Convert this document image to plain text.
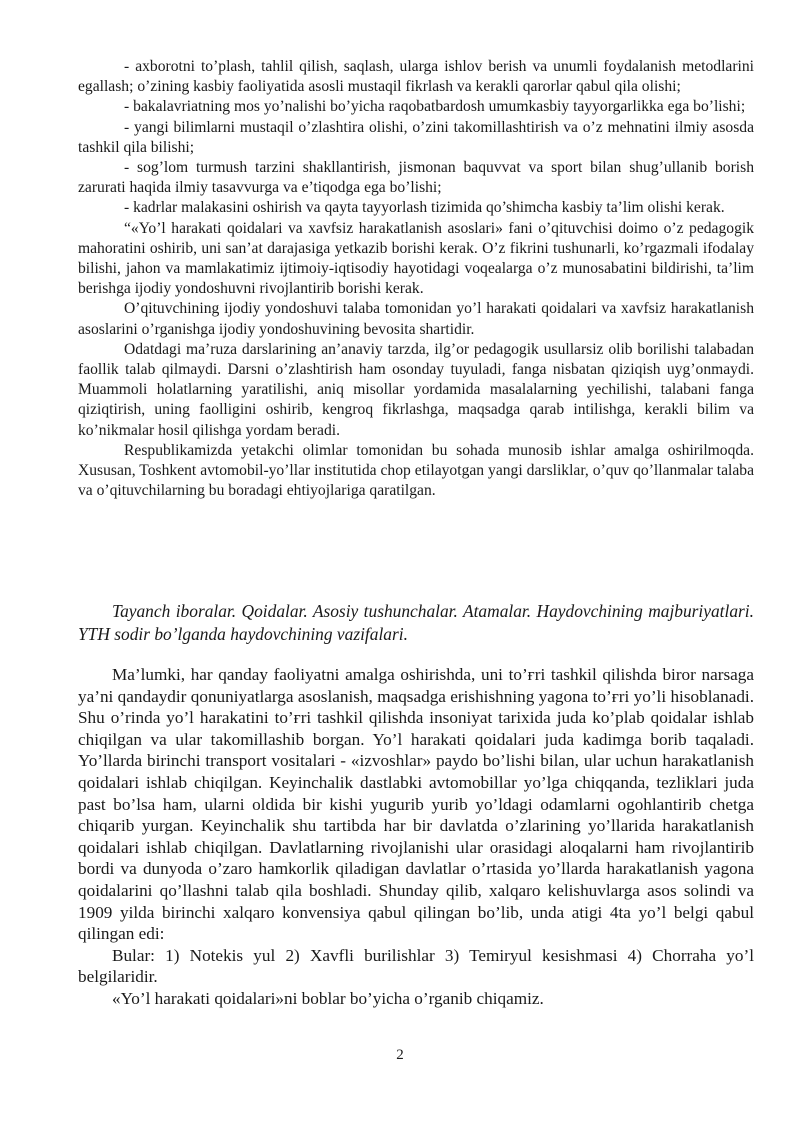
- axborotni to’plash, tahlil qilish, saqlash, ularga ishlov berish va unumli foydalanish metodlarini egallash; o’zining kasbiy faoliyatida asosli mustaqil fikrlash va kerakli qarorlar qabul qila olishi;

- bakalavriatning mos yo’nalishi bo’yicha raqobatbardosh umumkasbiy tayyorgarlikka ega bo’lishi;

- yangi bilimlarni mustaqil o’zlashtira olishi, o’zini takomillashtirish va o’z mehnatini ilmiy asosda tashkil qila bilishi;

- sog’lom turmush tarzini shakllantirish, jismonan baquvvat va sport bilan shug’ullanib borish zarurati haqida ilmiy tasavvurga va e’tiqodga ega bo’lishi;

- kadrlar malakasini oshirish va qayta tayyorlash tizimida qo’shimcha kasbiy ta’lim olishi kerak.

“«Yo’l harakati qoidalari va xavfsiz harakatlanish asoslari» fani o’qituvchisi doimo o’z pedagogik mahoratini oshirib, uni san’at darajasiga yetkazib borishi kerak. O’z fikrini tushunarli, ko’rgazmali ifodalay bilishi, jahon va mamlakatimiz ijtimoiy-iqtisodiy hayotidagi voqealarga o’z munosabatini bildirishi, ta’lim berishga ijodiy yondoshuvni rivojlantirib borishi kerak.

O’qituvchining ijodiy yondoshuvi talaba tomonidan yo’l harakati qoidalari va xavfsiz harakatlanish asoslarini o’rganishga ijodiy yondoshuvining bevosita shartidir.

Odatdagi ma’ruza darslarining an’anaviy tarzda, ilg’or pedagogik usullarsiz olib borilishi talabadan faollik talab qilmaydi. Darsni o’zlashtirish ham osonday tuyuladi, fanga nisbatan qiziqish uyg’onmaydi. Muammoli holatlarning yaratilishi, aniq misollar yordamida masalalarning yechilishi, talabani fanga qiziqtirish, uning faolligini oshirib, kengroq fikrlashga, maqsadga qarab intilishga, kerakli bilim va ko’nikmalar hosil qilishga yordam beradi.

Respublikamizda yetakchi olimlar tomonidan bu sohada munosib ishlar amalga oshirilmoqda. Xususan, Toshkent avtomobil-yo’llar institutida chop etilayotgan yangi darsliklar, o’quv qo’llanmalar talaba va o’qituvchilarning bu boradagi ehtiyojlariga qaratilgan.

Tayanch iboralar. Qoidalar. Asosiy tushunchalar. Atamalar. Haydovchining majburiyatlari. YTH sodir bo’lganda haydovchining vazifalari.

Ma’lumki, har qanday faoliyatni amalga oshirishda, uni to’ғri tashkil qilishda biror narsaga ya’ni qandaydir qonuniyatlarga asoslanish, maqsadga erishishning yagona to’ғri yo’li hisoblanadi. Shu o’rinda yo’l harakatini to’ғri tashkil qilishda insoniyat tarixida juda ko’plab qoidalar ishlab chiqilgan va ular takomillashib borgan. Yo’l harakati qoidalari juda kadimga borib taqaladi. Yo’llarda birinchi transport vositalari - «izvoshlar» paydo bo’lishi bilan, ular uchun harakatlanish qoidalari ishlab chiqilgan. Keyinchalik dastlabki avtomobillar yo’lga chiqqanda, tezliklari juda past bo’lsa ham, ularni oldida bir kishi yugurib yurib yo’ldagi odamlarni ogohlantirib chetga chiqarib yurgan. Keyinchalik shu tartibda har bir davlatda o’zlarining yo’llarida harakatlanish qoidalari ishlab chiqilgan. Davlatlarning rivojlanishi ular orasidagi aloqalarni ham rivojlantirib bordi va dunyoda o’zaro hamkorlik qiladigan davlatlar o’rtasida yo’llarda harakatlanish yagona qoidalarini qo’llashni talab qila boshladi. Shunday qilib, xalqaro kelishuvlarga asos solindi va 1909 yilda birinchi xalqaro konvensiya qabul qilingan bo’lib, unda atigi 4ta yo’l belgi qabul qilingan edi:

Bular: 1) Notekis yul 2) Xavfli burilishlar 3) Temiryul kesishmasi 4) Chorraha yo’l belgilaridir.

«Yo’l harakati qoidalari»ni boblar bo’yicha o’rganib chiqamiz.

2
